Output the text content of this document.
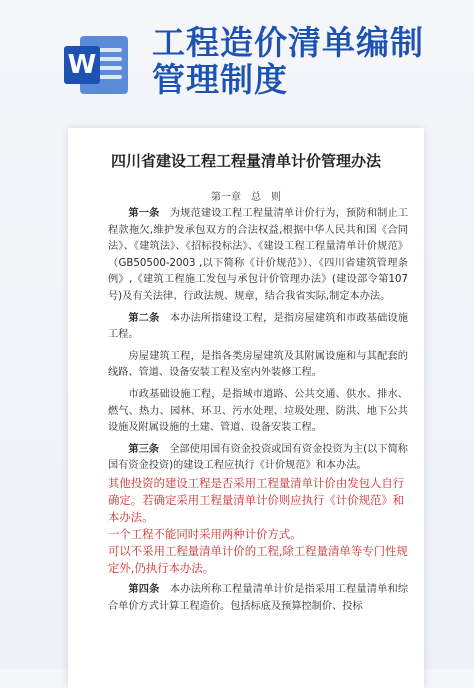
W
工程造价清单编制
管理制度
四川省建设工程工程量清单计价管理办法
第一章　总　则

第一条　为规范建设工程工程量清单计价行为，预防和制止工程款拖欠,维护发承包双方的合法权益,根据中华人民共和国《合同法》、《建筑法》、《招标投标法》、《建设工程工程量清单计价规范》（GB50500-2003 ,以下简称《计价规范》）、《四川省建筑管理条例》,《建筑工程施工发包与承包计价管理办法》(建设部令第107 号)及有关法律、行政法规、规章，结合我省实际,制定本办法。

第二条　本办法所指建设工程，是指房屋建筑和市政基础设施工程。

房屋建筑工程，是指各类房屋建筑及其附属设施和与其配套的线路、管道、设备安装工程及室内外装修工程。

市政基础设施工程，是指城市道路、公共交通、供水、排水、燃气、热力、园林、环卫、污水处理、垃圾处理、防洪、地下公共设施及附属设施的土建、管道、设备安装工程。

第三条　全部使用国有资金投资或国有资金投资为主(以下简称国有资金投资)的建设工程应执行《计价规范》和本办法。

其他投资的建设工程是否采用工程量清单计价由发包人自行确定。若确定采用工程量清单计价则应执行《计价规范》和本办法。

一个工程不能同时采用两种计价方式。

可以不采用工程量清单计价的工程,除工程量清单等专门性规定外,仍执行本办法。

第四条　本办法所称工程量清单计价是指采用工程量清单和综合单价方式计算工程造价。包括标底及预算控制价、投标
